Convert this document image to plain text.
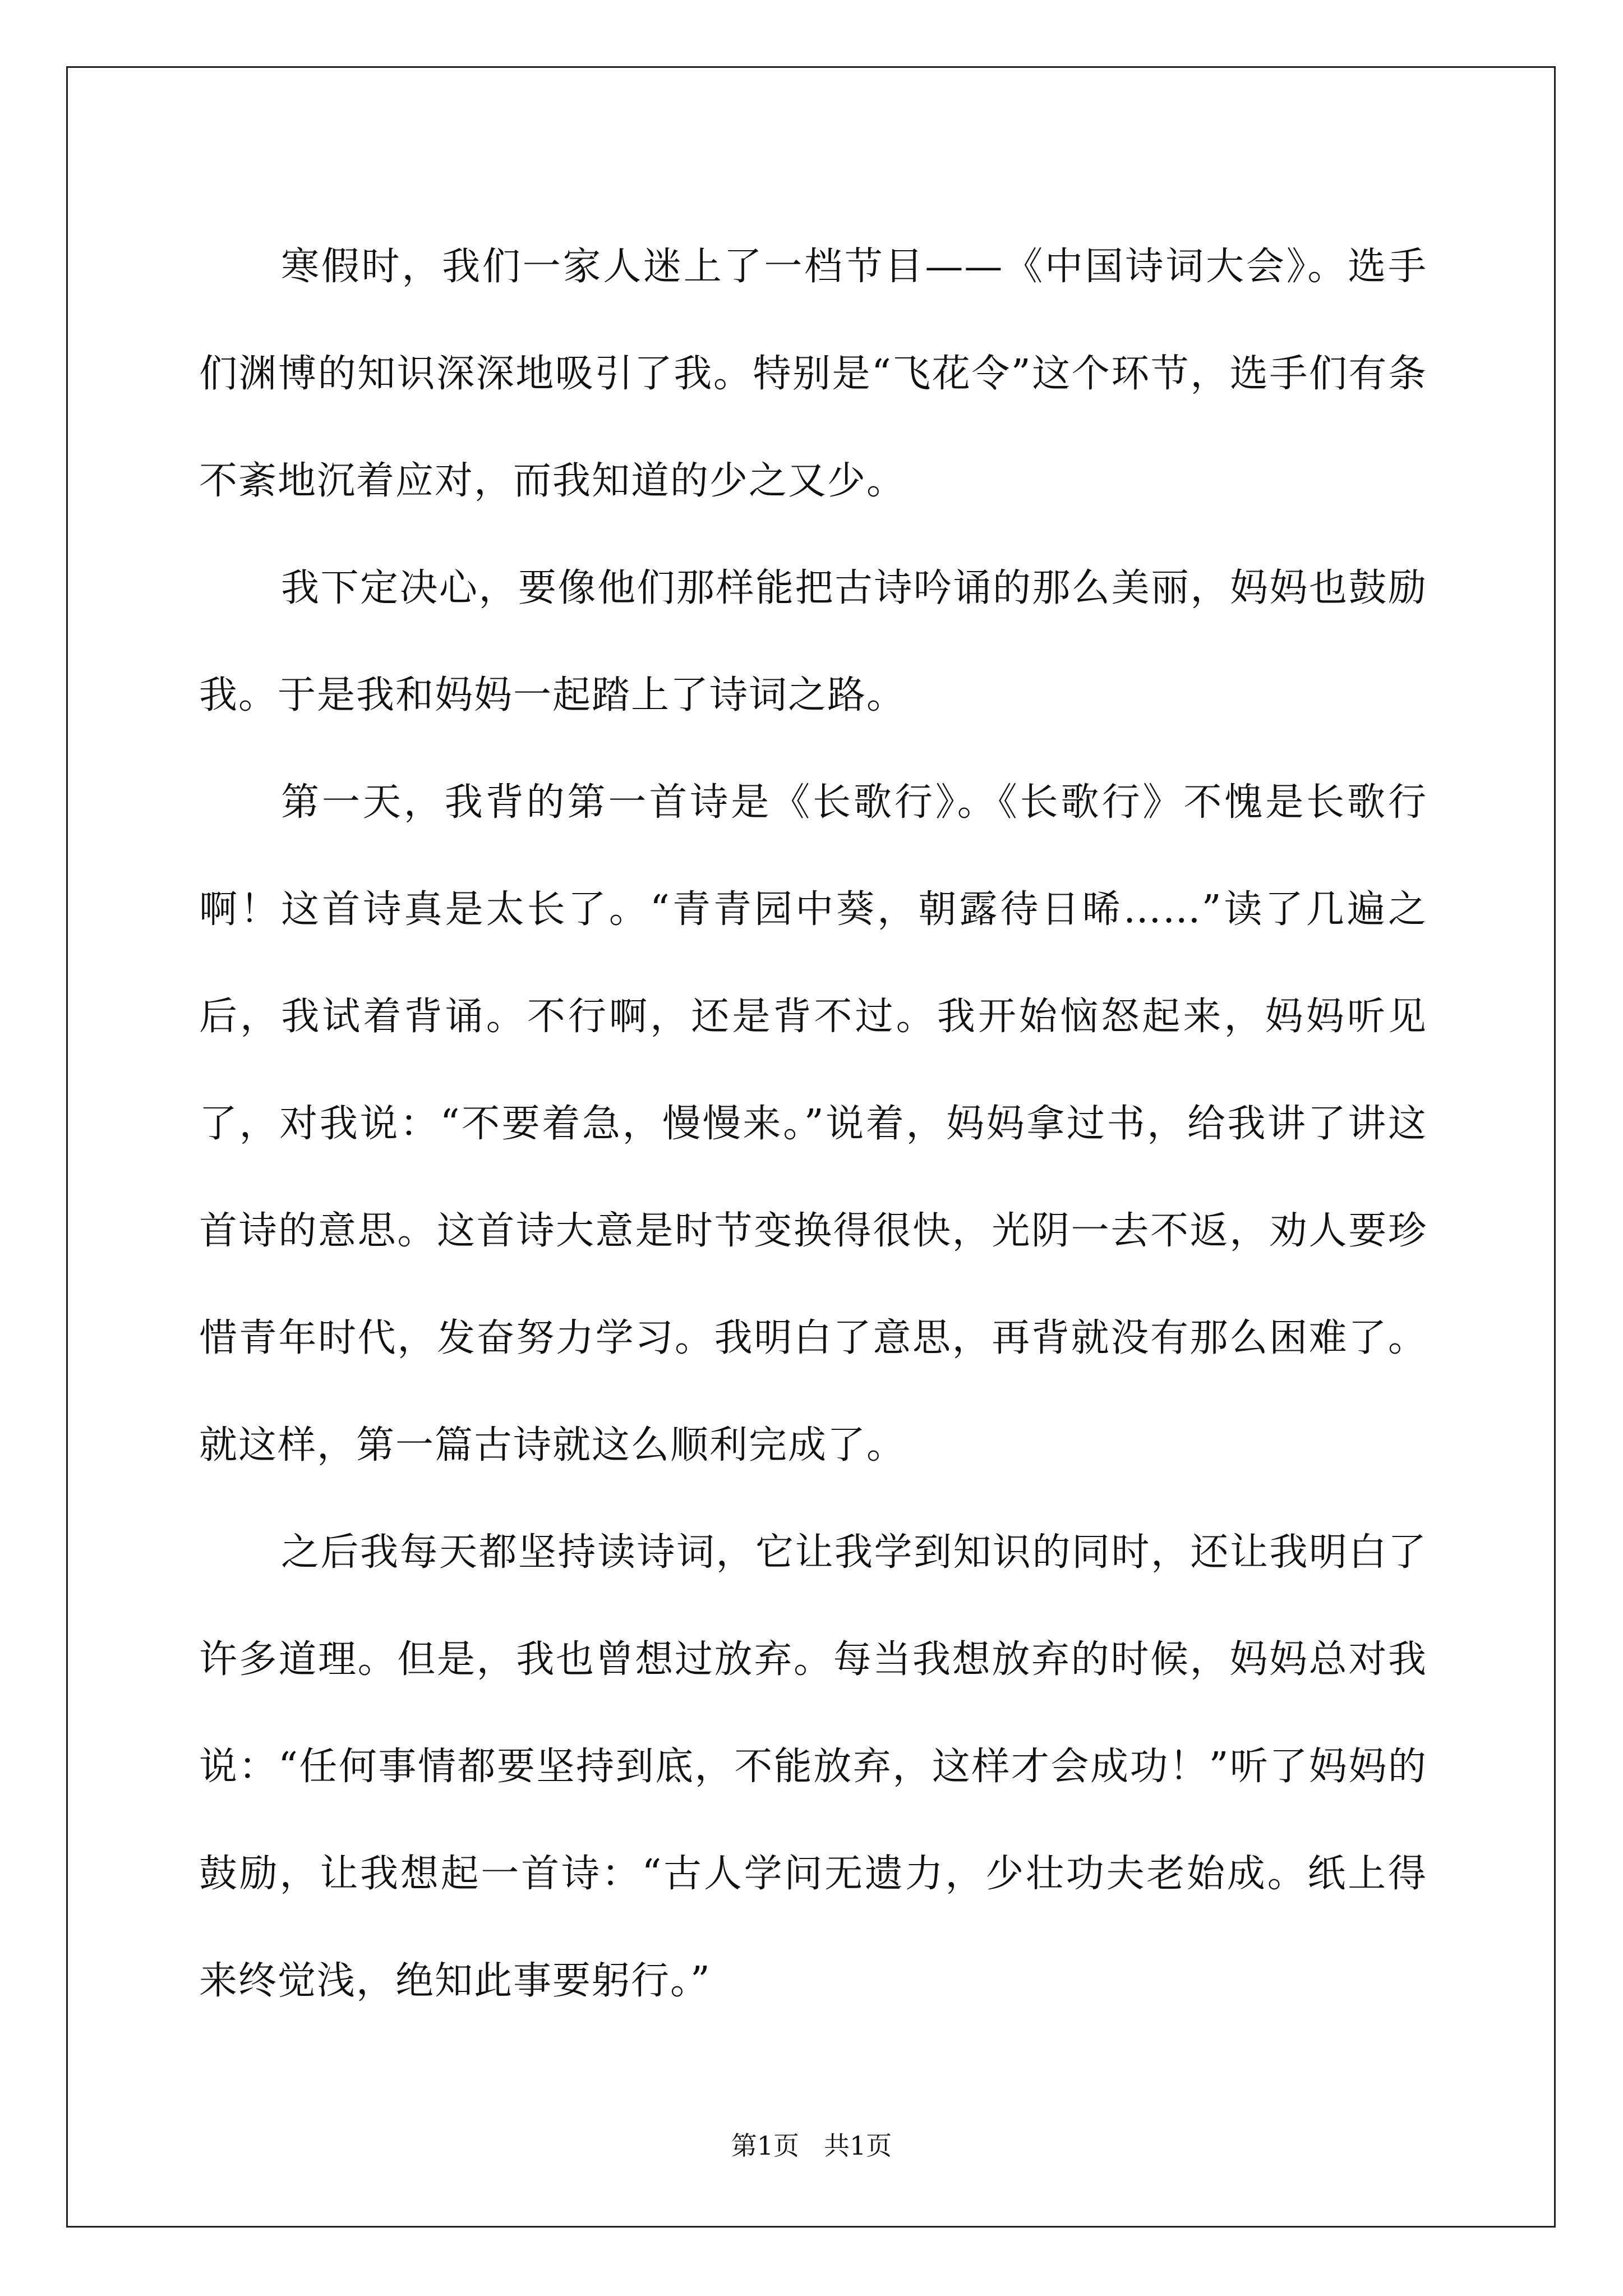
寒假时，我们一家人迷上了一档节目——《中国诗词大会》。选手们渊博的知识深深地吸引了我。特别是“飞花令”这个环节，选手们有条不紊地沉着应对，而我知道的少之又少。

我下定决心，要像他们那样能把古诗吟诵的那么美丽，妈妈也鼓励我。于是我和妈妈一起踏上了诗词之路。

第一天，我背的第一首诗是《长歌行》。《长歌行》不愧是长歌行啊！这首诗真是太长了。“青青园中葵，朝露待日晞……”读了几遍之后，我试着背诵。不行啊，还是背不过。我开始恼怒起来，妈妈听见了，对我说：“不要着急，慢慢来。”说着，妈妈拿过书，给我讲了讲这首诗的意思。这首诗大意是时节变换得很快，光阴一去不返，劝人要珍惜青年时代，发奋努力学习。我明白了意思，再背就没有那么困难了。就这样，第一篇古诗就这么顺利完成了。

之后我每天都坚持读诗词，它让我学到知识的同时，还让我明白了许多道理。但是，我也曾想过放弃。每当我想放弃的时候，妈妈总对我说：“任何事情都要坚持到底，不能放弃，这样才会成功！”听了妈妈的鼓励，让我想起一首诗：“古人学问无遗力，少壮功夫老始成。纸上得来终觉浅，绝知此事要躬行。”

第1页 共1页
